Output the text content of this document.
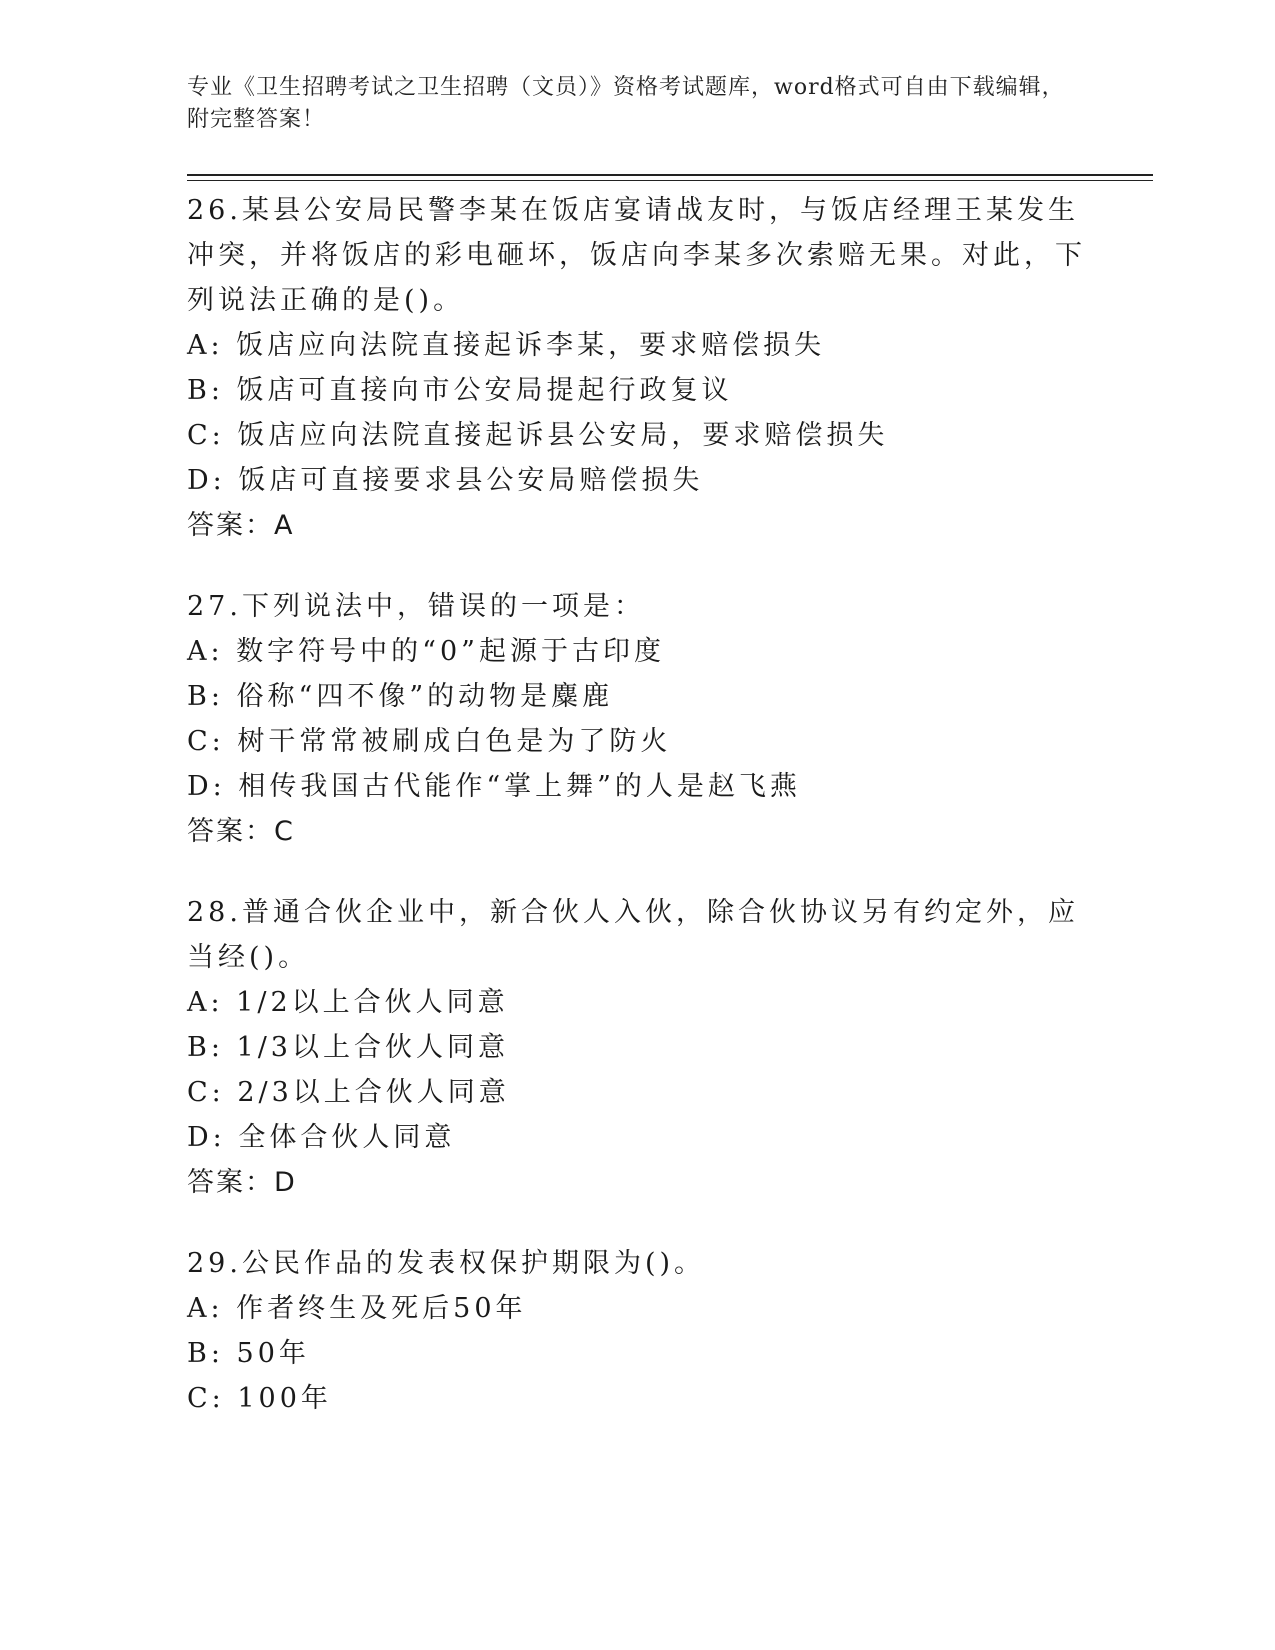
专业《卫生招聘考试之卫生招聘（文员）》资格考试题库，word格式可自由下载编辑，附完整答案！

26.某县公安局民警李某在饭店宴请战友时，与饭店经理王某发生冲突，并将饭店的彩电砸坏，饭店向李某多次索赔无果。对此，下列说法正确的是()。

A: 饭店应向法院直接起诉李某，要求赔偿损失

B: 饭店可直接向市公安局提起行政复议

C: 饭店应向法院直接起诉县公安局，要求赔偿损失

D: 饭店可直接要求县公安局赔偿损失

答案：A

27.下列说法中，错误的一项是：

A: 数字符号中的“0”起源于古印度

B: 俗称“四不像”的动物是麋鹿

C: 树干常常被刷成白色是为了防火

D: 相传我国古代能作“掌上舞”的人是赵飞燕

答案：C

28.普通合伙企业中，新合伙人入伙，除合伙协议另有约定外，应当经()。

A: 1/2以上合伙人同意

B: 1/3以上合伙人同意

C: 2/3以上合伙人同意

D: 全体合伙人同意

答案：D

29.公民作品的发表权保护期限为()。

A: 作者终生及死后50年

B: 50年

C: 100年
